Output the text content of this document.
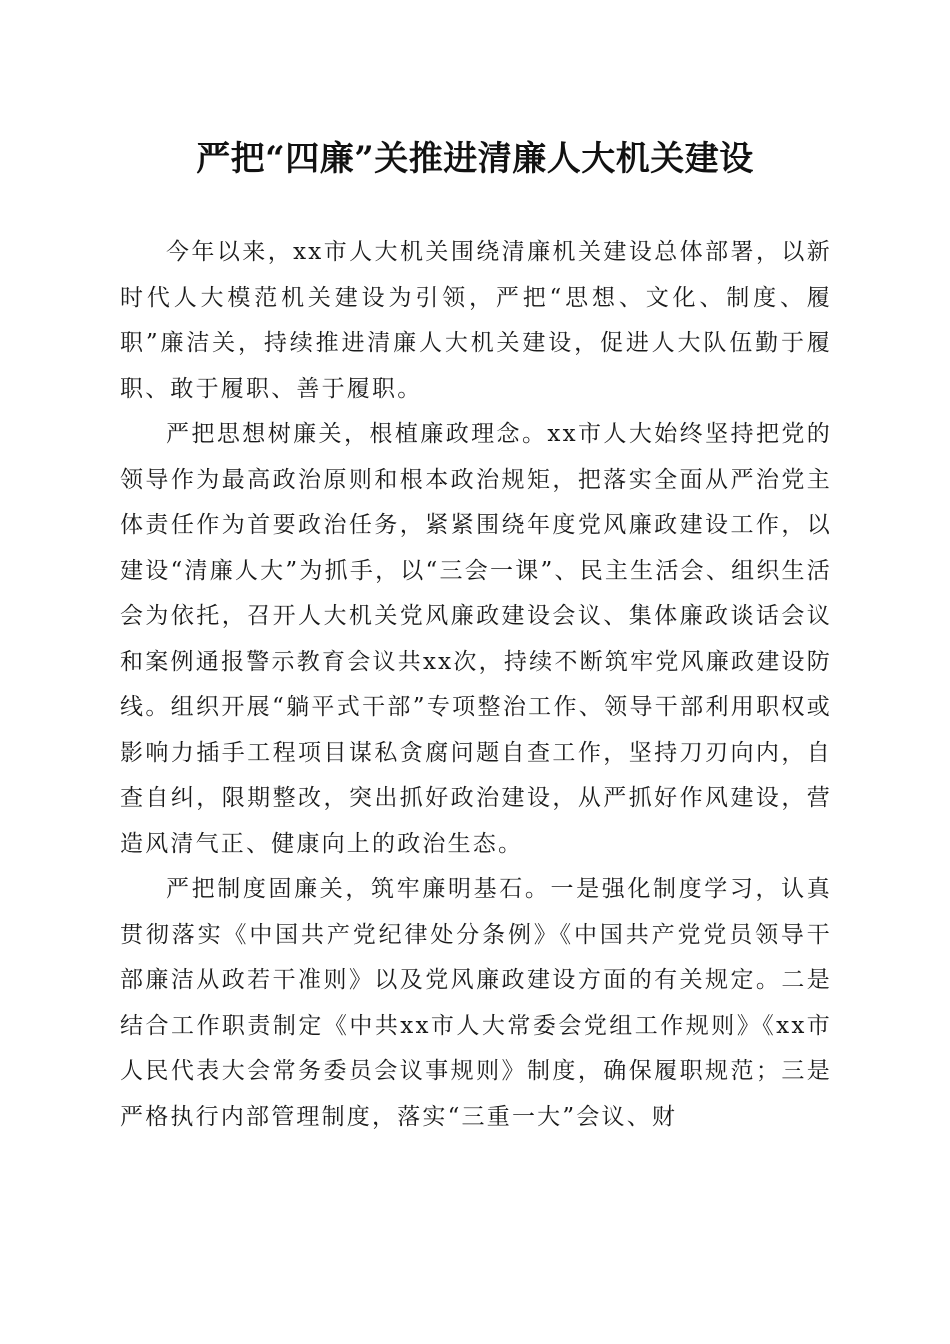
严把“四廉”关推进清廉人大机关建设

今年以来，xx市人大机关围绕清廉机关建设总体部署，以新时代人大模范机关建设为引领，严把“思想、文化、制度、履职”廉洁关，持续推进清廉人大机关建设，促进人大队伍勤于履职、敢于履职、善于履职。

严把思想树廉关，根植廉政理念。xx市人大始终坚持把党的领导作为最高政治原则和根本政治规矩，把落实全面从严治党主体责任作为首要政治任务，紧紧围绕年度党风廉政建设工作，以建设“清廉人大”为抓手，以“三会一课”、民主生活会、组织生活会为依托，召开人大机关党风廉政建设会议、集体廉政谈话会议和案例通报警示教育会议共xx次，持续不断筑牢党风廉政建设防线。组织开展“躺平式干部”专项整治工作、领导干部利用职权或影响力插手工程项目谋私贪腐问题自查工作，坚持刀刃向内，自查自纠，限期整改，突出抓好政治建设，从严抓好作风建设，营造风清气正、健康向上的政治生态。

严把制度固廉关，筑牢廉明基石。一是强化制度学习，认真贯彻落实《中国共产党纪律处分条例》《中国共产党党员领导干部廉洁从政若干准则》以及党风廉政建设方面的有关规定。二是结合工作职责制定《中共xx市人大常委会党组工作规则》《xx市人民代表大会常务委员会议事规则》制度，确保履职规范；三是严格执行内部管理制度，落实“三重一大”会议、财
